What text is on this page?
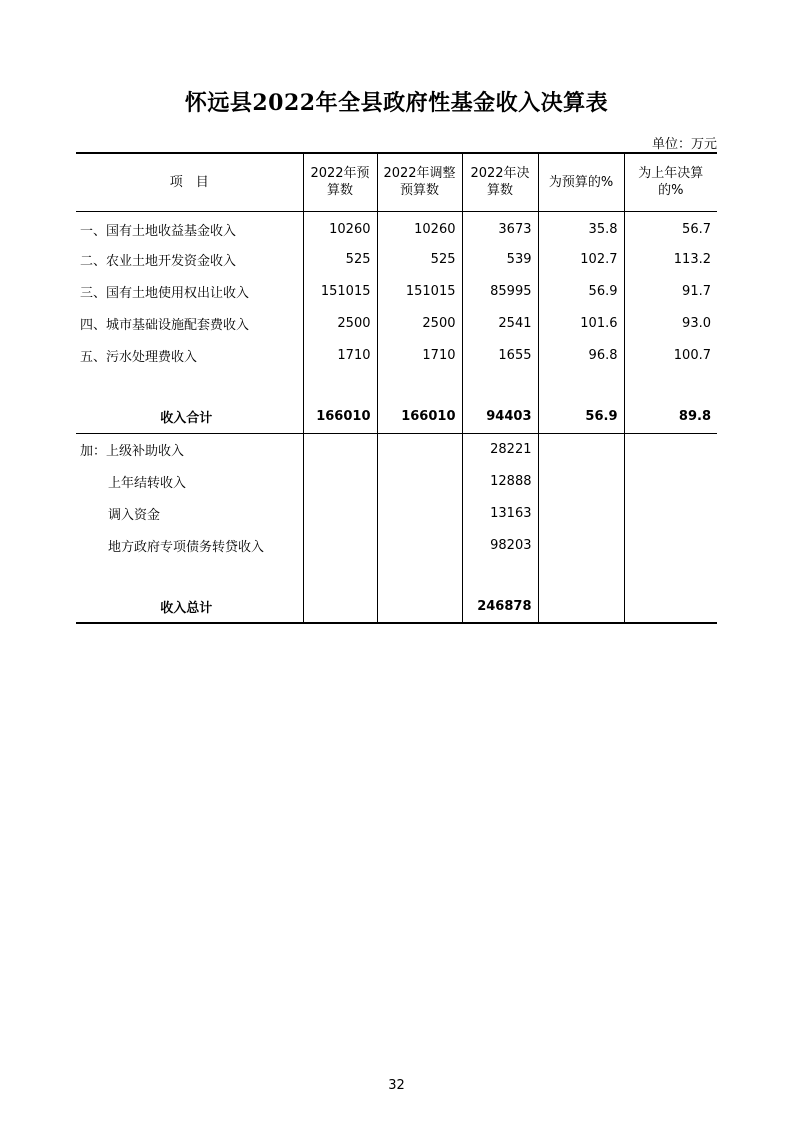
怀远县2022年全县政府性基金收入决算表
单位：万元
项　目	2022年预算数	2022年调整预算数	2022年决算数	为预算的%	为上年决算的%
一、国有土地收益基金收入	10260	10260	3673	35.8	56.7
二、农业土地开发资金收入	525	525	539	102.7	113.2
三、国有土地使用权出让收入	151015	151015	85995	56.9	91.7
四、城市基础设施配套费收入	2500	2500	2541	101.6	93.0
五、污水处理费收入	1710	1710	1655	96.8	100.7

收入合计	166010	166010	94403	56.9	89.8
加：上级补助收入			28221		
上年结转收入			12888		
调入资金			13163		
地方政府专项债务转贷收入			98203		

收入总计			246878		
32
